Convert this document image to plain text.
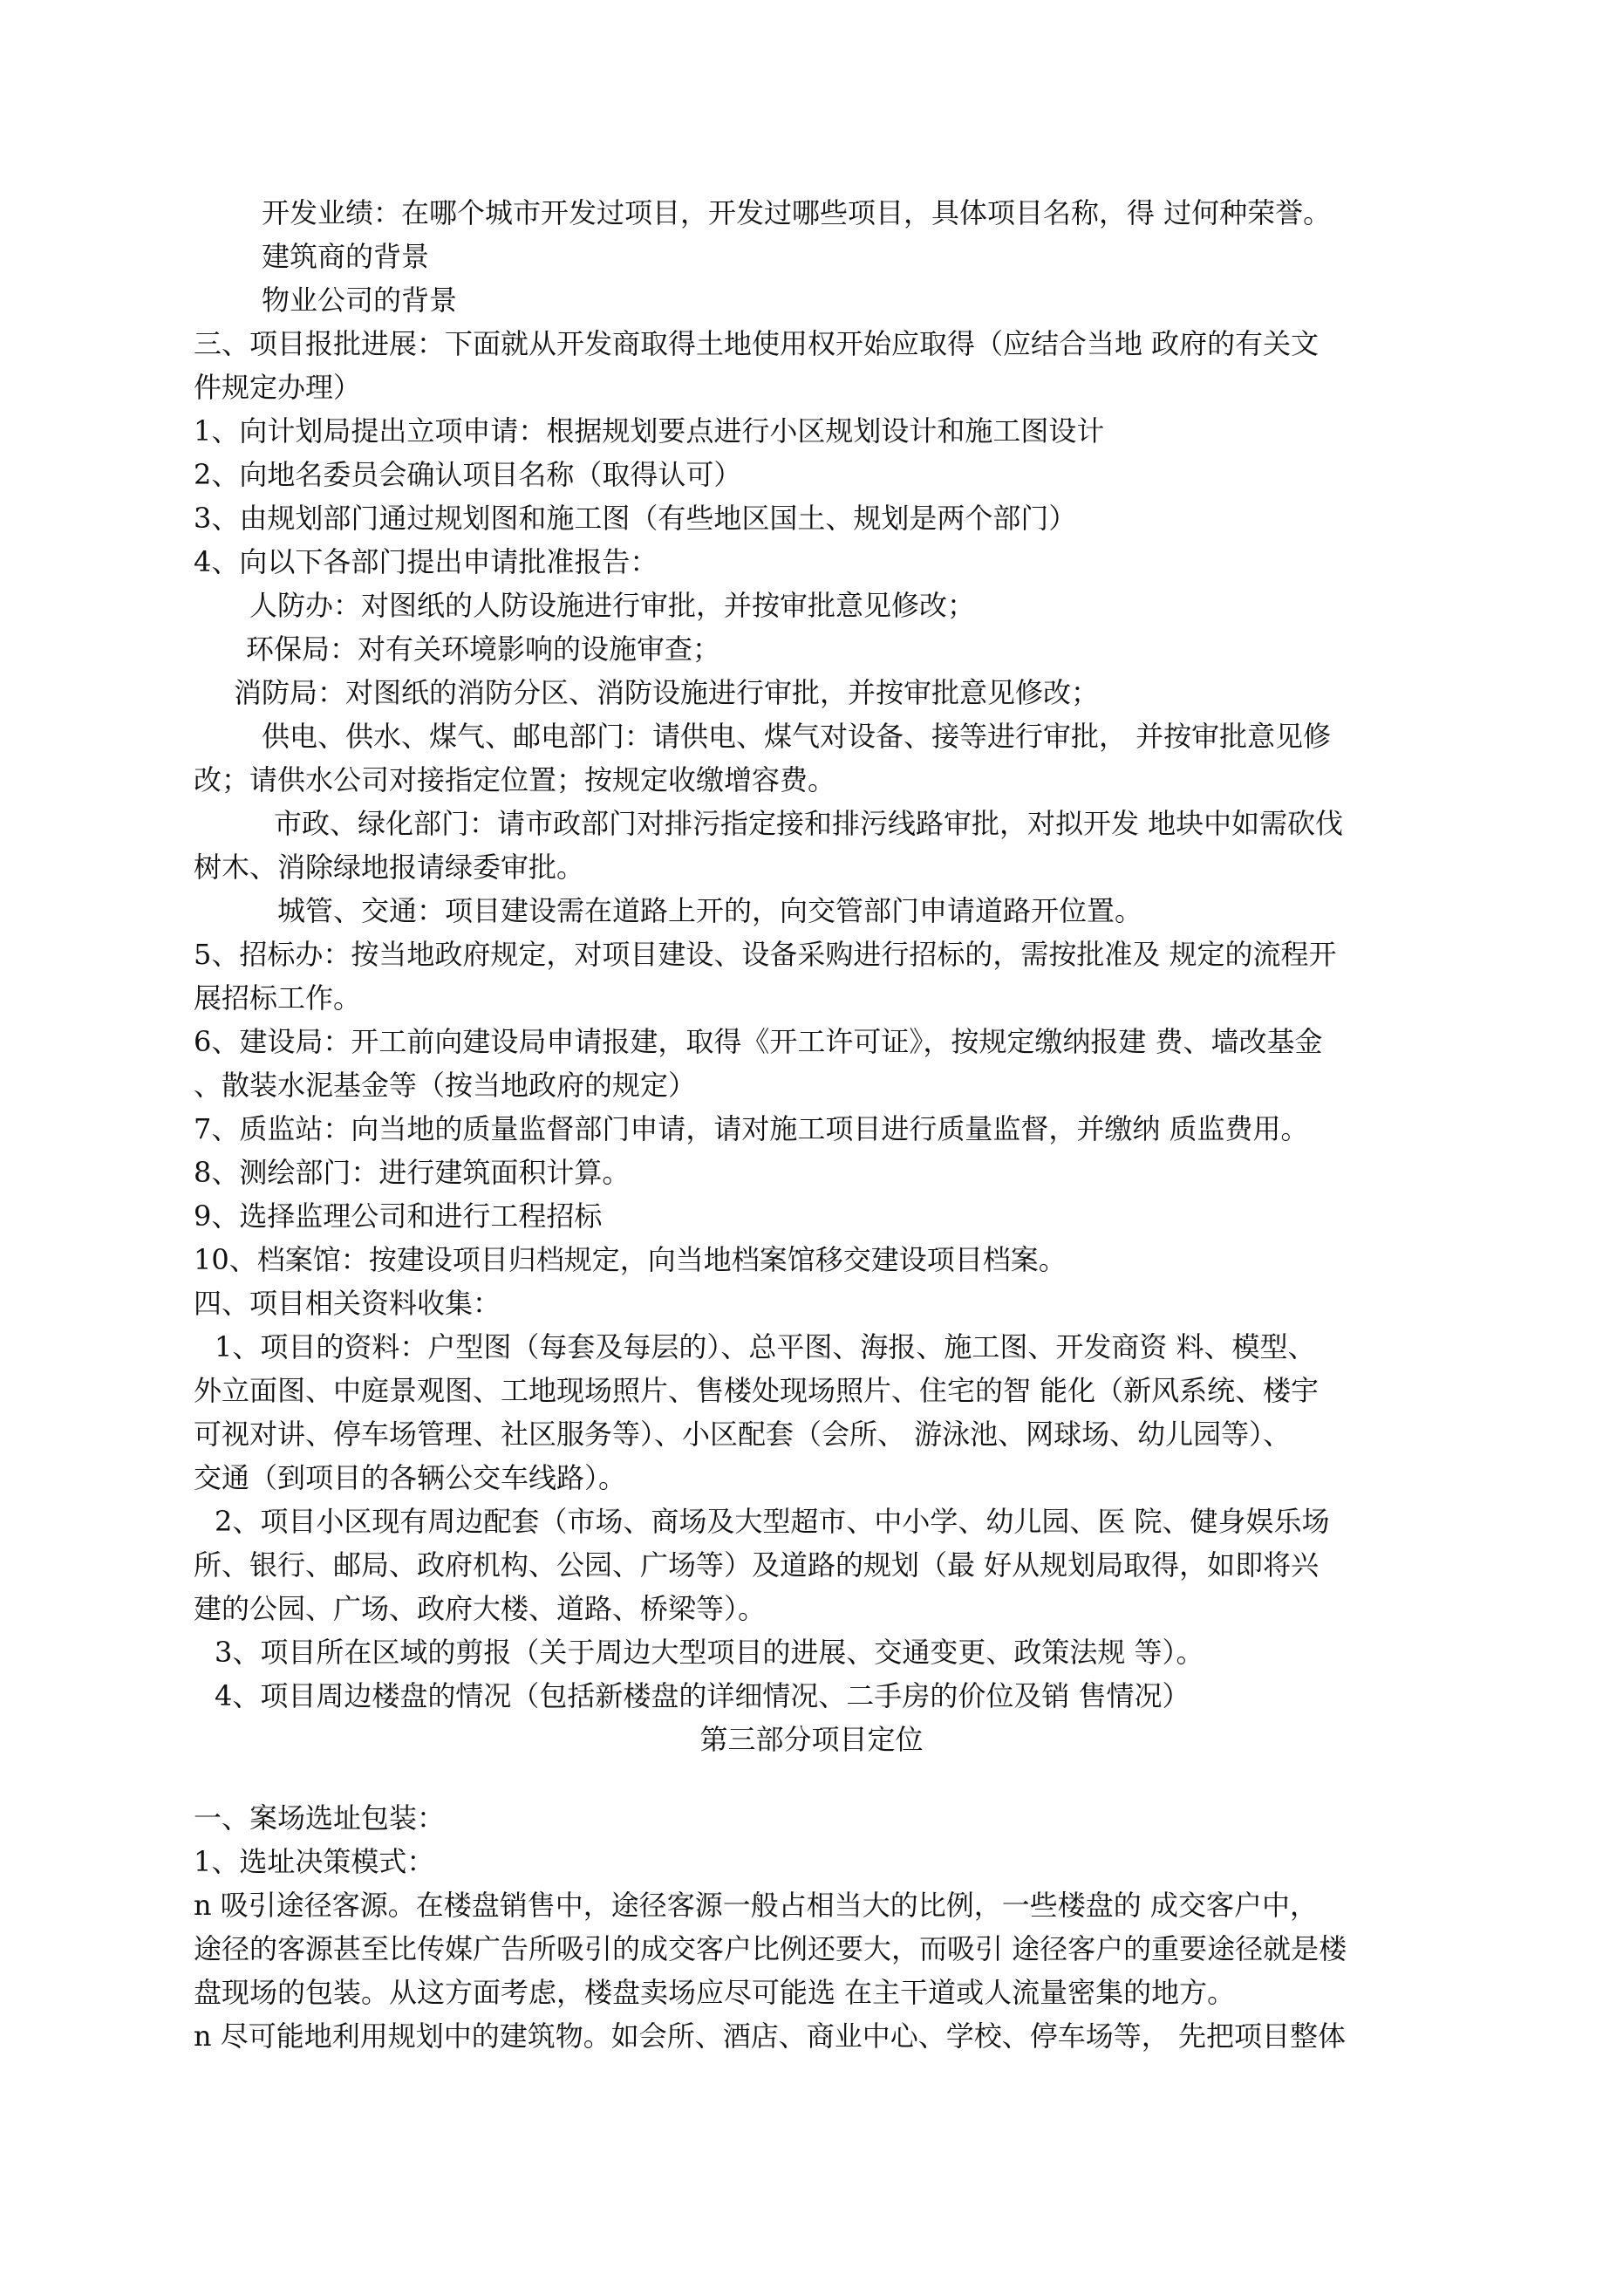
开发业绩：在哪个城市开发过项目，开发过哪些项目，具体项目名称，得 过何种荣誉。
建筑商的背景
物业公司的背景
三、项目报批进展：下面就从开发商取得土地使用权开始应取得（应结合当地 政府的有关文
件规定办理）
1、向计划局提出立项申请：根据规划要点进行小区规划设计和施工图设计
2、向地名委员会确认项目名称（取得认可）
3、由规划部门通过规划图和施工图（有些地区国土、规划是两个部门）
4、向以下各部门提出申请批准报告：
人防办：对图纸的人防设施进行审批，并按审批意见修改；
环保局：对有关环境影响的设施审查；
消防局：对图纸的消防分区、消防设施进行审批，并按审批意见修改；
供电、供水、煤气、邮电部门：请供电、煤气对设备、接等进行审批， 并按审批意见修
改；请供水公司对接指定位置；按规定收缴增容费。
市政、绿化部门：请市政部门对排污指定接和排污线路审批，对拟开发 地块中如需砍伐
树木、消除绿地报请绿委审批。
城管、交通：项目建设需在道路上开的，向交管部门申请道路开位置。
5、招标办：按当地政府规定，对项目建设、设备采购进行招标的，需按批准及 规定的流程开
展招标工作。
6、建设局：开工前向建设局申请报建，取得《开工许可证》，按规定缴纳报建 费、墙改基金
、散装水泥基金等（按当地政府的规定）
7、质监站：向当地的质量监督部门申请，请对施工项目进行质量监督，并缴纳 质监费用。
8、测绘部门：进行建筑面积计算。
9、选择监理公司和进行工程招标
10、档案馆：按建设项目归档规定，向当地档案馆移交建设项目档案。
四、项目相关资料收集：
1、项目的资料：户型图（每套及每层的）、总平图、海报、施工图、开发商资 料、模型、
外立面图、中庭景观图、工地现场照片、售楼处现场照片、住宅的智 能化（新风系统、楼宇
可视对讲、停车场管理、社区服务等）、小区配套（会所、 游泳池、网球场、幼儿园等）、
交通（到项目的各辆公交车线路）。
2、项目小区现有周边配套（市场、商场及大型超市、中小学、幼儿园、医 院、健身娱乐场
所、银行、邮局、政府机构、公园、广场等）及道路的规划（最 好从规划局取得，如即将兴
建的公园、广场、政府大楼、道路、桥梁等）。
3、项目所在区域的剪报（关于周边大型项目的进展、交通变更、政策法规 等）。
4、项目周边楼盘的情况（包括新楼盘的详细情况、二手房的价位及销 售情况）
第三部分项目定位
一、案场选址包装：
1、选址决策模式：
n 吸引途径客源。在楼盘销售中，途径客源一般占相当大的比例，一些楼盘的 成交客户中，
途径的客源甚至比传媒广告所吸引的成交客户比例还要大，而吸引 途径客户的重要途径就是楼
盘现场的包装。从这方面考虑，楼盘卖场应尽可能选 在主干道或人流量密集的地方。
n 尽可能地利用规划中的建筑物。如会所、酒店、商业中心、学校、停车场等， 先把项目整体
